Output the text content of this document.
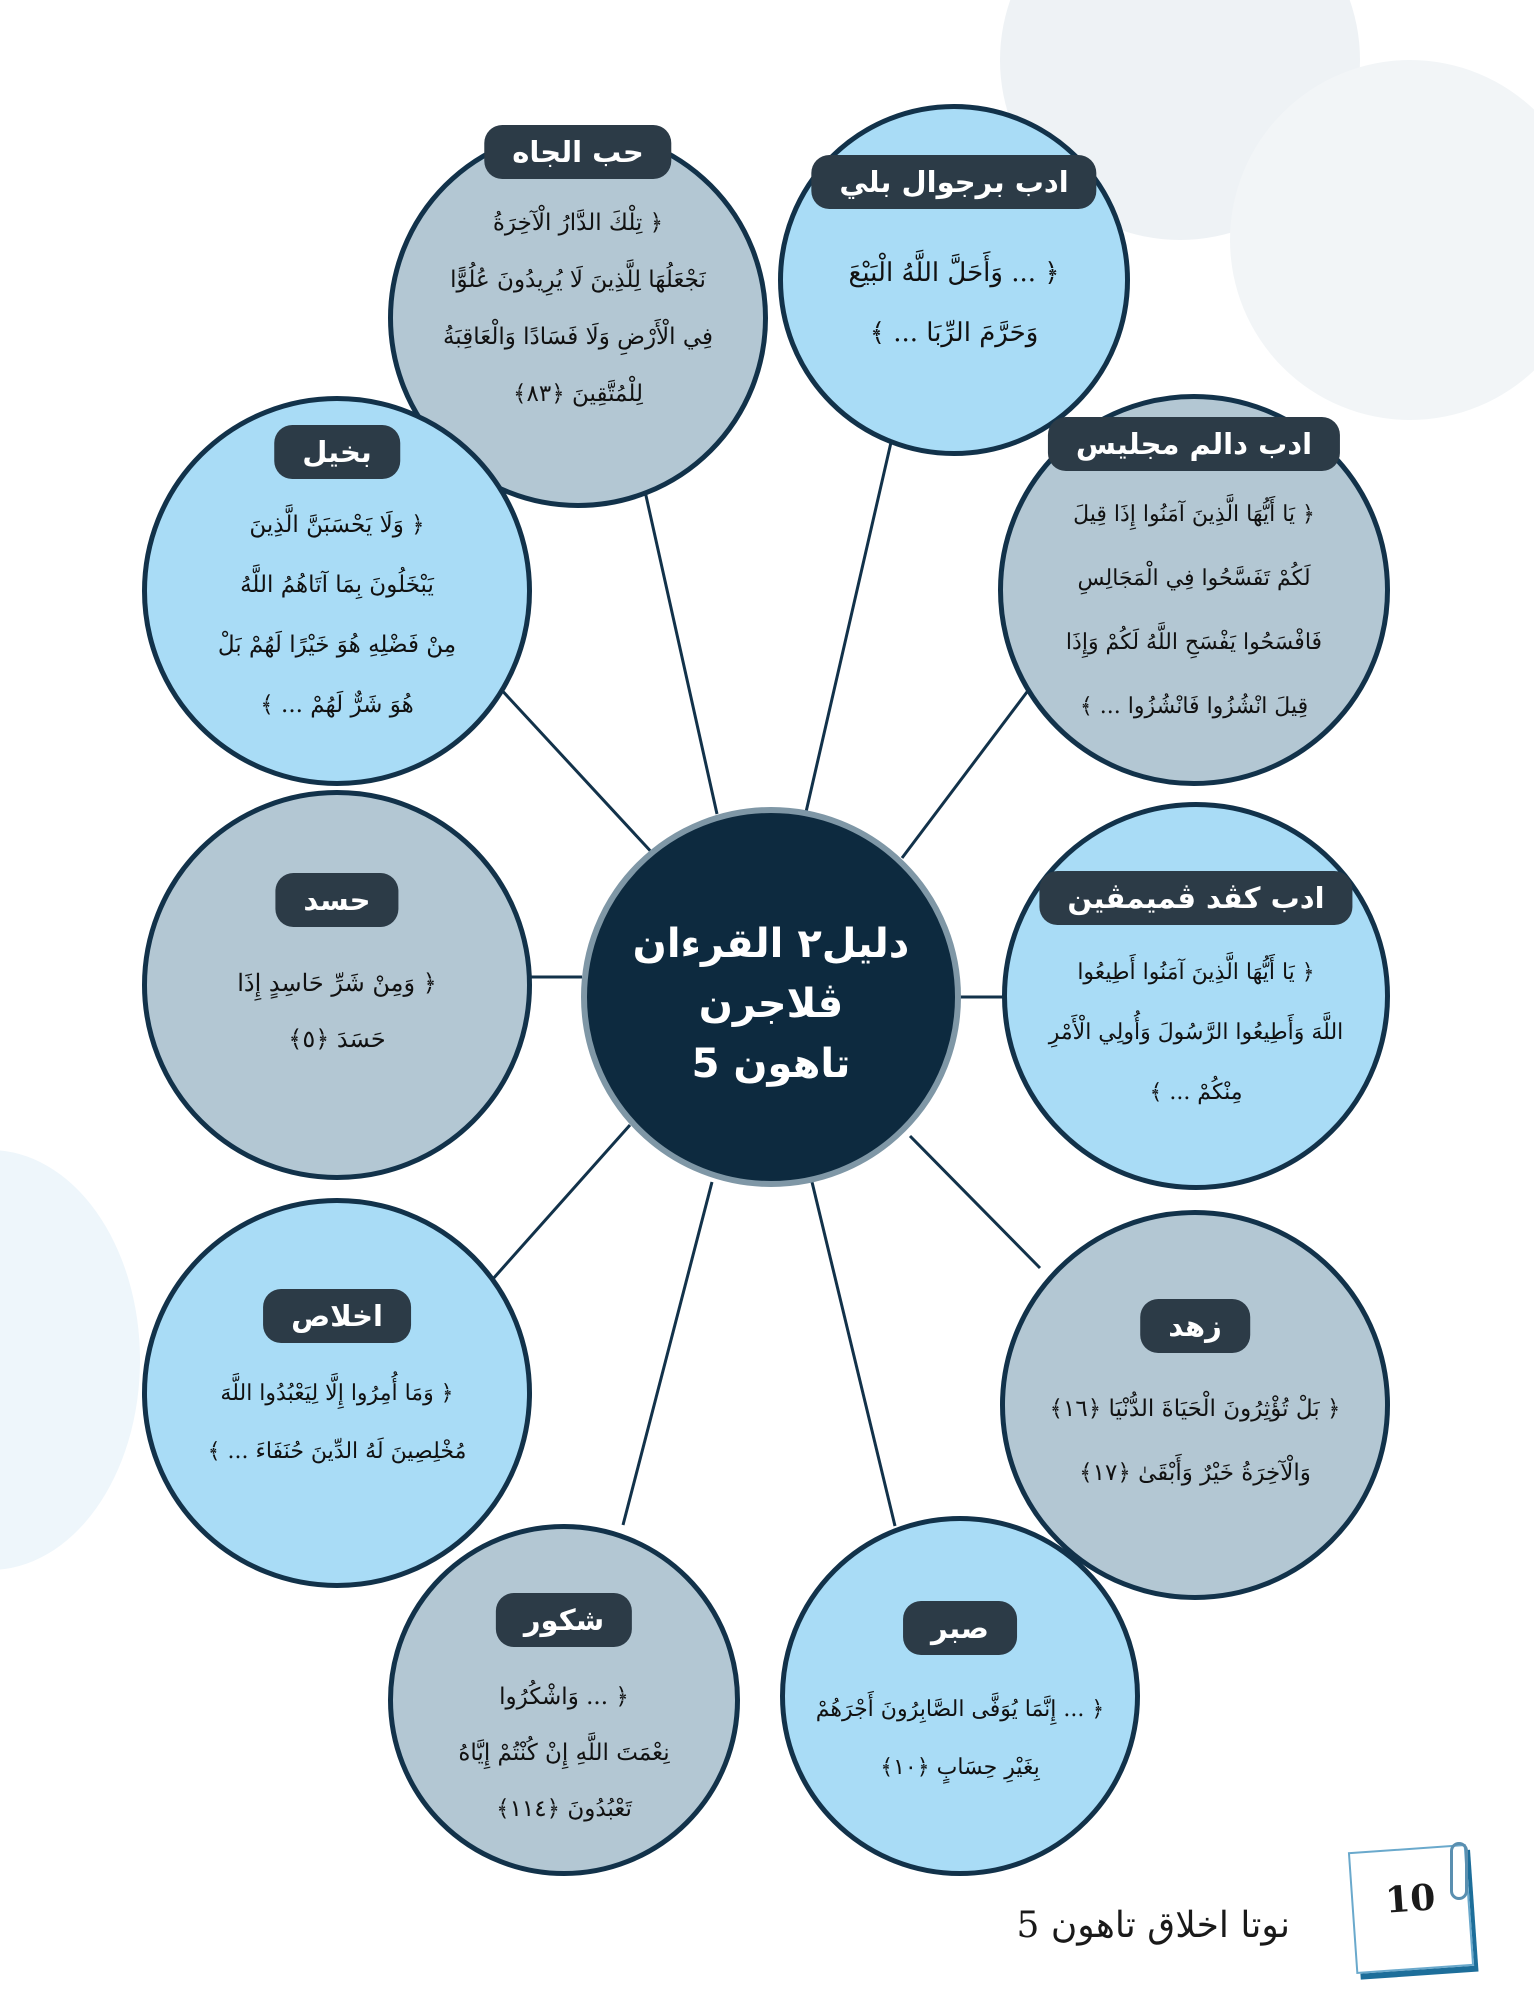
حب الجاه
﴿ تِلْكَ الدَّارُ الْآخِرَةُ
نَجْعَلُهَا لِلَّذِينَ لَا يُرِيدُونَ عُلُوًّا
فِي الْأَرْضِ وَلَا فَسَادًا وَالْعَاقِبَةُ
لِلْمُتَّقِينَ ﴿٨٣﴾
ادب برجوال بلي
﴿ ... وَأَحَلَّ اللَّهُ الْبَيْعَ
وَحَرَّمَ الرِّبَا ... ﴾
ادب دالم مجليس
﴿ يَا أَيُّهَا الَّذِينَ آمَنُوا إِذَا قِيلَ
لَكُمْ تَفَسَّحُوا فِي الْمَجَالِسِ
فَافْسَحُوا يَفْسَحِ اللَّهُ لَكُمْ وَإِذَا
قِيلَ انْشُزُوا فَانْشُزُوا ... ﴾
ادب كڤد ڤميمڤين
﴿ يَا أَيُّهَا الَّذِينَ آمَنُوا أَطِيعُوا
اللَّهَ وَأَطِيعُوا الرَّسُولَ وَأُولِي الْأَمْرِ
مِنْكُمْ ... ﴾
زهد
﴿ بَلْ تُؤْثِرُونَ الْحَيَاةَ الدُّنْيَا ﴿١٦﴾
وَالْآخِرَةُ خَيْرٌ وَأَبْقَىٰ ﴿١٧﴾
صبر
﴿ ... إِنَّمَا يُوَفَّى الصَّابِرُونَ أَجْرَهُمْ
بِغَيْرِ حِسَابٍ ﴿١٠﴾
شكور
﴿ ... وَاشْكُرُوا
نِعْمَتَ اللَّهِ إِنْ كُنْتُمْ إِيَّاهُ
تَعْبُدُونَ ﴿١١٤﴾
اخلاص
﴿ وَمَا أُمِرُوا إِلَّا لِيَعْبُدُوا اللَّهَ
مُخْلِصِينَ لَهُ الدِّينَ حُنَفَاءَ ... ﴾
حسد
﴿ وَمِنْ شَرِّ حَاسِدٍ إِذَا
حَسَدَ ﴿٥﴾
بخيل
﴿ وَلَا يَحْسَبَنَّ الَّذِينَ
يَبْخَلُونَ بِمَا آتَاهُمُ اللَّهُ
مِنْ فَضْلِهِ هُوَ خَيْرًا لَهُمْ بَلْ
هُوَ شَرٌّ لَهُمْ ... ﴾
دليل٢ القرءان
ڤلاجرن
تاهون 5
نوتا اخلاق تاهون 5
10
